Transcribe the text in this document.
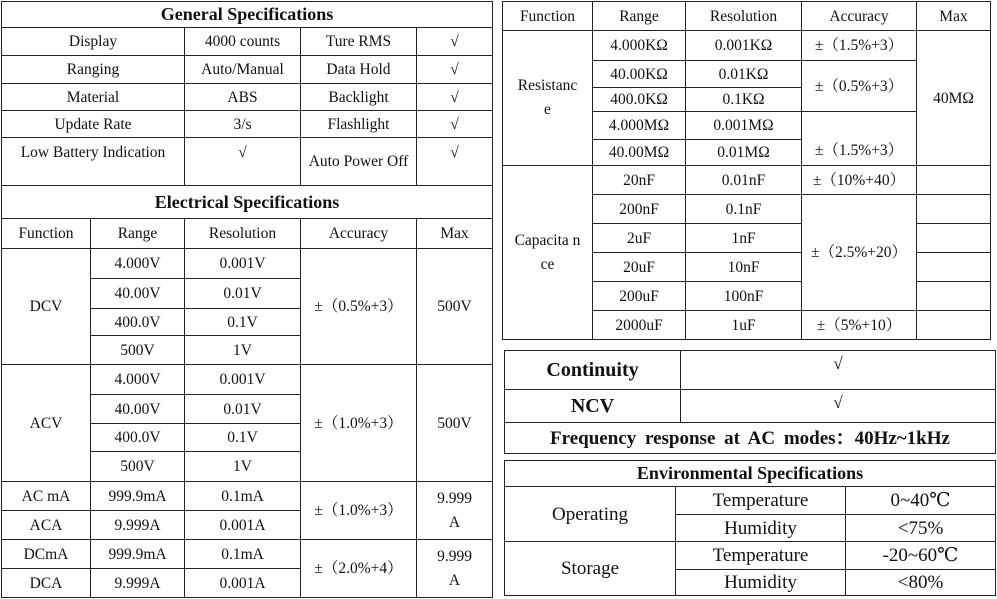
General Specifications				
Display		4000 counts	Ture RMS	√
Ranging		Auto/Manual	Data Hold	√
Material		ABS	Backlight	√
Update Rate		3/s	Flashlight	√
Low Battery Indication		√	Auto Power Off	√
Electrical Specifications				
Function	Range	Resolution	Accuracy	Max
DCV	4.000V	0.001V	±（0.5%+3）	500V
	40.00V	0.01V		
	400.0V	0.1V		
	500V	1V		
ACV	4.000V	0.001V	±（1.0%+3）	500V
	40.00V	0.01V		
	400.0V	0.1V		
	500V	1V		
AC mA	999.9mA	0.1mA	±（1.0%+3）	9.999 A
ACA	9.999A	0.001A		
DCmA	999.9mA	0.1mA	±（2.0%+4）	9.999 A
DCA	9.999A	0.001A		
Function	Range	Resolution	Accuracy	Max
Resistanc e	4.000KΩ	0.001KΩ	±（1.5%+3）	40MΩ
	40.00KΩ	0.01KΩ	±（0.5%+3）	
	400.0KΩ	0.1KΩ		
	4.000MΩ	0.001MΩ	±（1.5%+3）	
	40.00MΩ	0.01MΩ		
Capacita nce	20nF	0.01nF	±（10%+40）	
	200nF	0.1nF	±（2.5%+20）	
	2uF	1nF		
	20uF	10nF		
	200uF	100nF		
	2000uF	1uF	±（5%+10）	
Continuity	√
NCV	√
Frequency response at AC modes：40Hz~1kHz	
Environmental Specifications		
Operating	Temperature	0~40℃
	Humidity	<75%
Storage	Temperature	-20~60℃
	Humidity	<80%
